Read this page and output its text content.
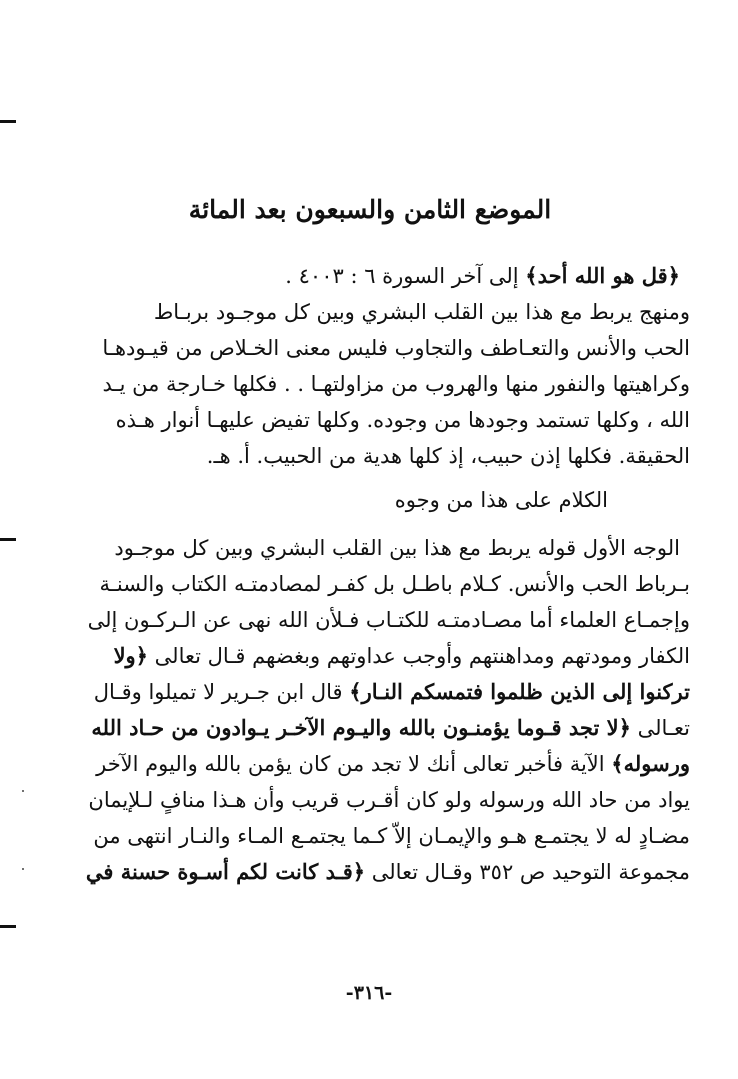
الموضع الثامن والسبعون بعد المائة
﴿قل هو الله أحد﴾ إلى آخر السورة ٦ : ٤٠٠٣ .
ومنهج يربط مع هذا بين القلب البشري وبين كل موجـود بربـاط
الحب والأنس والتعـاطف والتجاوب فليس معنى الخـلاص من قيـودهـا
وكراهيتها والنفور منها والهروب من مزاولتهـا . . فكلها خـارجة من يـد
الله ، وكلها تستمد وجودها من وجوده. وكلها تفيض عليهـا أنوار هـذه
الحقيقة. فكلها إذن حبيب، إذ كلها هدية من الحبيب. أ. هـ.
الكلام على هذا من وجوه
الوجه الأول قوله يربط مع هذا بين القلب البشري وبين كل موجـود
بـرباط الحب والأنس. كـلام باطـل بل كفـر لمصادمتـه الكتاب والسنـة
وإجمـاع العلماء أما مصـادمتـه للكتـاب فـلأن الله نهى عن الـركـون إلى
الكفار ومودتهم ومداهنتهم وأوجب عداوتهم وبغضهم قـال تعالى ﴿ولا
تركنوا إلى الذين ظلموا فتمسكم النـار﴾ قال ابن جـرير لا تميلوا وقـال
تعـالى ﴿لا تجد قـوما يؤمنـون بالله واليـوم الآخـر يـوادون من حـاد الله
ورسوله﴾ الآية فأخبر تعالى أنك لا تجد من كان يؤمن بالله واليوم الآخر
يواد من حاد الله ورسوله ولو كان أقـرب قريب وأن هـذا منافٍ لـلإيمان
مضـادٍ له لا يجتمـع هـو والإيمـان إلاّ كـما يجتمـع المـاء والنـار انتهى من
مجموعة التوحيد ص ٣٥٢ وقـال تعالى ﴿قـد كانت لكم أسـوة حسنة في
-٣١٦-
